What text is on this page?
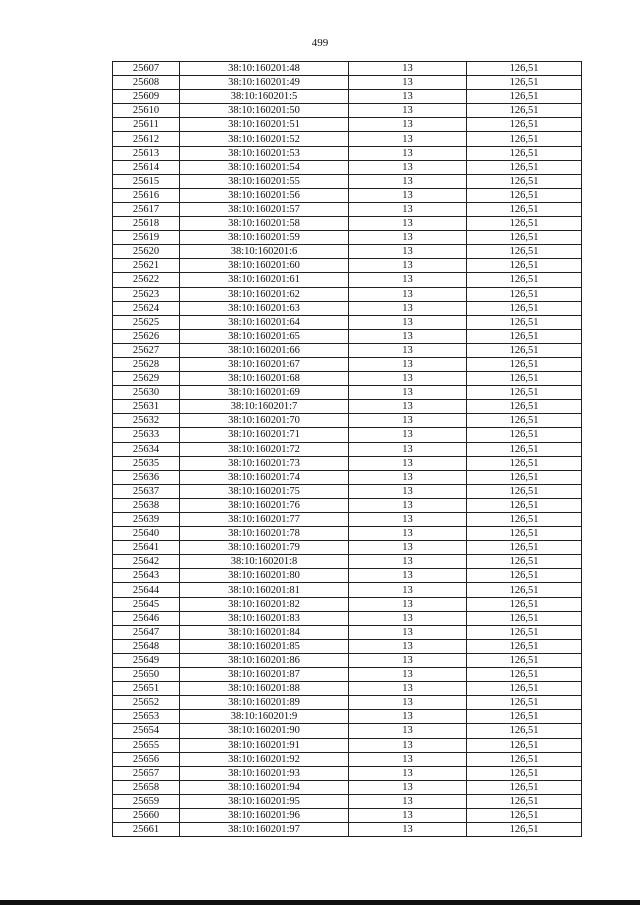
499
25607	38:10:160201:48	13	126,51
25608	38:10:160201:49	13	126,51
25609	38:10:160201:5	13	126,51
25610	38:10:160201:50	13	126,51
25611	38:10:160201:51	13	126,51
25612	38:10:160201:52	13	126,51
25613	38:10:160201:53	13	126,51
25614	38:10:160201:54	13	126,51
25615	38:10:160201:55	13	126,51
25616	38:10:160201:56	13	126,51
25617	38:10:160201:57	13	126,51
25618	38:10:160201:58	13	126,51
25619	38:10:160201:59	13	126,51
25620	38:10:160201:6	13	126,51
25621	38:10:160201:60	13	126,51
25622	38:10:160201:61	13	126,51
25623	38:10:160201:62	13	126,51
25624	38:10:160201:63	13	126,51
25625	38:10:160201:64	13	126,51
25626	38:10:160201:65	13	126,51
25627	38:10:160201:66	13	126,51
25628	38:10:160201:67	13	126,51
25629	38:10:160201:68	13	126,51
25630	38:10:160201:69	13	126,51
25631	38:10:160201:7	13	126,51
25632	38:10:160201:70	13	126,51
25633	38:10:160201:71	13	126,51
25634	38:10:160201:72	13	126,51
25635	38:10:160201:73	13	126,51
25636	38:10:160201:74	13	126,51
25637	38:10:160201:75	13	126,51
25638	38:10:160201:76	13	126,51
25639	38:10:160201:77	13	126,51
25640	38:10:160201:78	13	126,51
25641	38:10:160201:79	13	126,51
25642	38:10:160201:8	13	126,51
25643	38:10:160201:80	13	126,51
25644	38:10:160201:81	13	126,51
25645	38:10:160201:82	13	126,51
25646	38:10:160201:83	13	126,51
25647	38:10:160201:84	13	126,51
25648	38:10:160201:85	13	126,51
25649	38:10:160201:86	13	126,51
25650	38:10:160201:87	13	126,51
25651	38:10:160201:88	13	126,51
25652	38:10:160201:89	13	126,51
25653	38:10:160201:9	13	126,51
25654	38:10:160201:90	13	126,51
25655	38:10:160201:91	13	126,51
25656	38:10:160201:92	13	126,51
25657	38:10:160201:93	13	126,51
25658	38:10:160201:94	13	126,51
25659	38:10:160201:95	13	126,51
25660	38:10:160201:96	13	126,51
25661	38:10:160201:97	13	126,51
